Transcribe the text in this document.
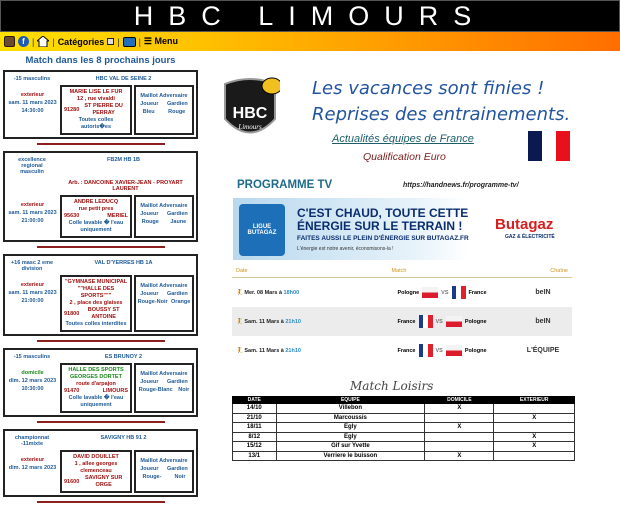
HBC LIMOURS
f | | Catégories | | ☰ Menu
Match dans les 8 prochains jours
-15 masculins	HBC VAL DE SEINE 2
exterieur
sam. 11 mars 2023
14:30:00
MARIE LISE LE FUR
12 , rue vivaldi
91280
ST PIERRE DU PERRAY
Toutes colles autoris�es
Maillot Adversaire
Joueur Gardien
Bleu Rouge
excellence regional masculin
FB2M HB 1B
Arb. : DANCOINE XAVIER-JEAN - PROYART LAURENT
exterieur
sam. 11 mars 2023
21:00:00
ANDRE LEDUCQ
rue petit pres
95630	MERIEL
Colle lavable � l'eau uniquement
Maillot Adversaire
Joueur Gardien
Rouge Jaune
+16 masc 2 eme division
VAL D'YERRES HB 1A
exterieur
sam. 11 mars 2023
21:00:00
"GYMNASE MUNICIPAL ""HALLE DES SPORTS"""
2 , place des glaises
91800
BOUSSY ST ANTOINE
Toutes colles interdites
Maillot Adversaire
Joueur Gardien
Rouge-Noir Orange
-15 masculins	ES BRUNOY 2
domicile
dim. 12 mars 2023
10:30:00
HALLE DES SPORTS GEORGES DORTET
route d'arpajon
91470	LIMOURS
Colle lavable � l'eau uniquement
Maillot Adversaire
Joueur Gardien
Rouge-Blanc Noir
championnat -11mixte
SAVIGNY HB 91 2
exterieur
dim. 12 mars 2023
DAVID DOUILLET
1 , allee georges clemenceau
91600
SAVIGNY SUR ORGE
Maillot Adversaire
Joueur Gardien
Rouge- Noir
HBC
Limours
Les vacances sont finies ! Reprises des entrainements.
Actualités équipes de France
Qualification Euro
PROGRAMME TV	https://handnews.fr/programme-tv/
LIGUE BUTAGAZ
C'EST CHAUD, TOUTE CETTE
ÉNERGIE SUR LE TERRAIN !
FAITES AUSSI LE PLEIN D'ÉNERGIE SUR BUTAGAZ.FR
L'énergie est notre avenir, économisons-la !
Butagaz
GAZ & ÉLECTRICITÉ
Date	Match	Chaîne
🤾 Mer. 08 Mars à 18h00	Pologne	VS	France	beIN
🤾 Sam. 11 Mars à 21h10	France	VS	Pologne	beIN
🤾 Sam. 11 Mars à 21h10	France	VS	Pologne	L'ÉQUIPE
Match Loisirs
DATE	EQUIPE	DOMICILE	EXTERIEUR
14/10	Villebon	X	
21/10	Marcoussis		X
18/11	Egly	X	
8/12	Egly		X
15/12	Gif sur Yvette		X
13/1	Verriere le buisson	X	
